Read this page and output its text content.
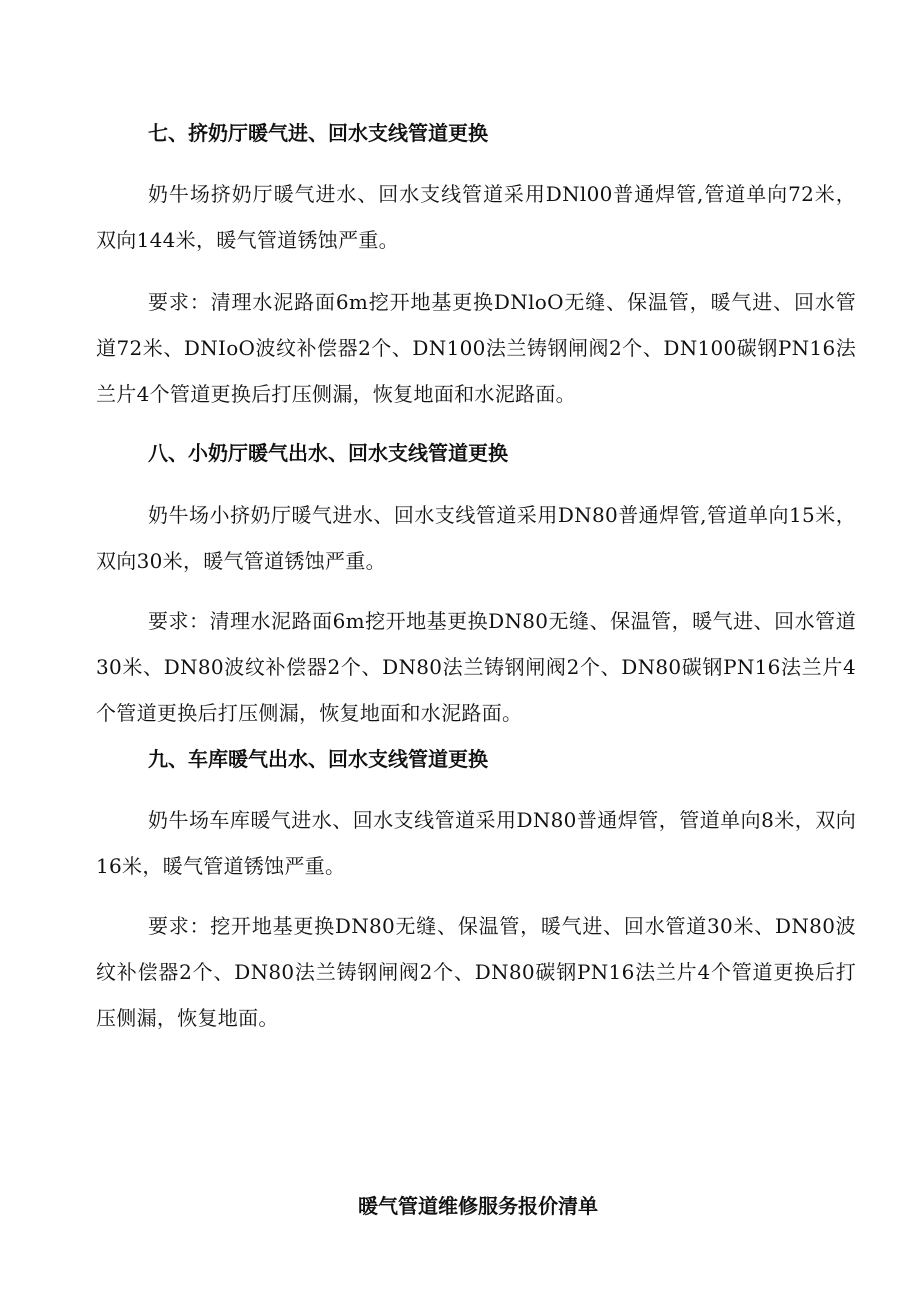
七、挤奶厅暖气进、回水支线管道更换
奶牛场挤奶厅暖气进水、回水支线管道采用DNl00普通焊管,管道单向72米，双向144米，暖气管道锈蚀严重。
要求：清理水泥路面6m挖开地基更换DNloO无缝、保温管，暖气进、回水管道72米、DNIoO波纹补偿器2个、DN100法兰铸钢闸阀2个、DN100碳钢PN16法兰片4个管道更换后打压侧漏，恢复地面和水泥路面。
八、小奶厅暖气出水、回水支线管道更换
奶牛场小挤奶厅暖气进水、回水支线管道采用DN80普通焊管,管道单向15米，双向30米，暖气管道锈蚀严重。
要求：清理水泥路面6m挖开地基更换DN80无缝、保温管，暖气进、回水管道30米、DN80波纹补偿器2个、DN80法兰铸钢闸阀2个、DN80碳钢PN16法兰片4个管道更换后打压侧漏，恢复地面和水泥路面。
九、车库暖气出水、回水支线管道更换
奶牛场车库暖气进水、回水支线管道采用DN80普通焊管，管道单向8米，双向16米，暖气管道锈蚀严重。
要求：挖开地基更换DN80无缝、保温管，暖气进、回水管道30米、DN80波纹补偿器2个、DN80法兰铸钢闸阀2个、DN80碳钢PN16法兰片4个管道更换后打压侧漏，恢复地面。
暖气管道维修服务报价清单
